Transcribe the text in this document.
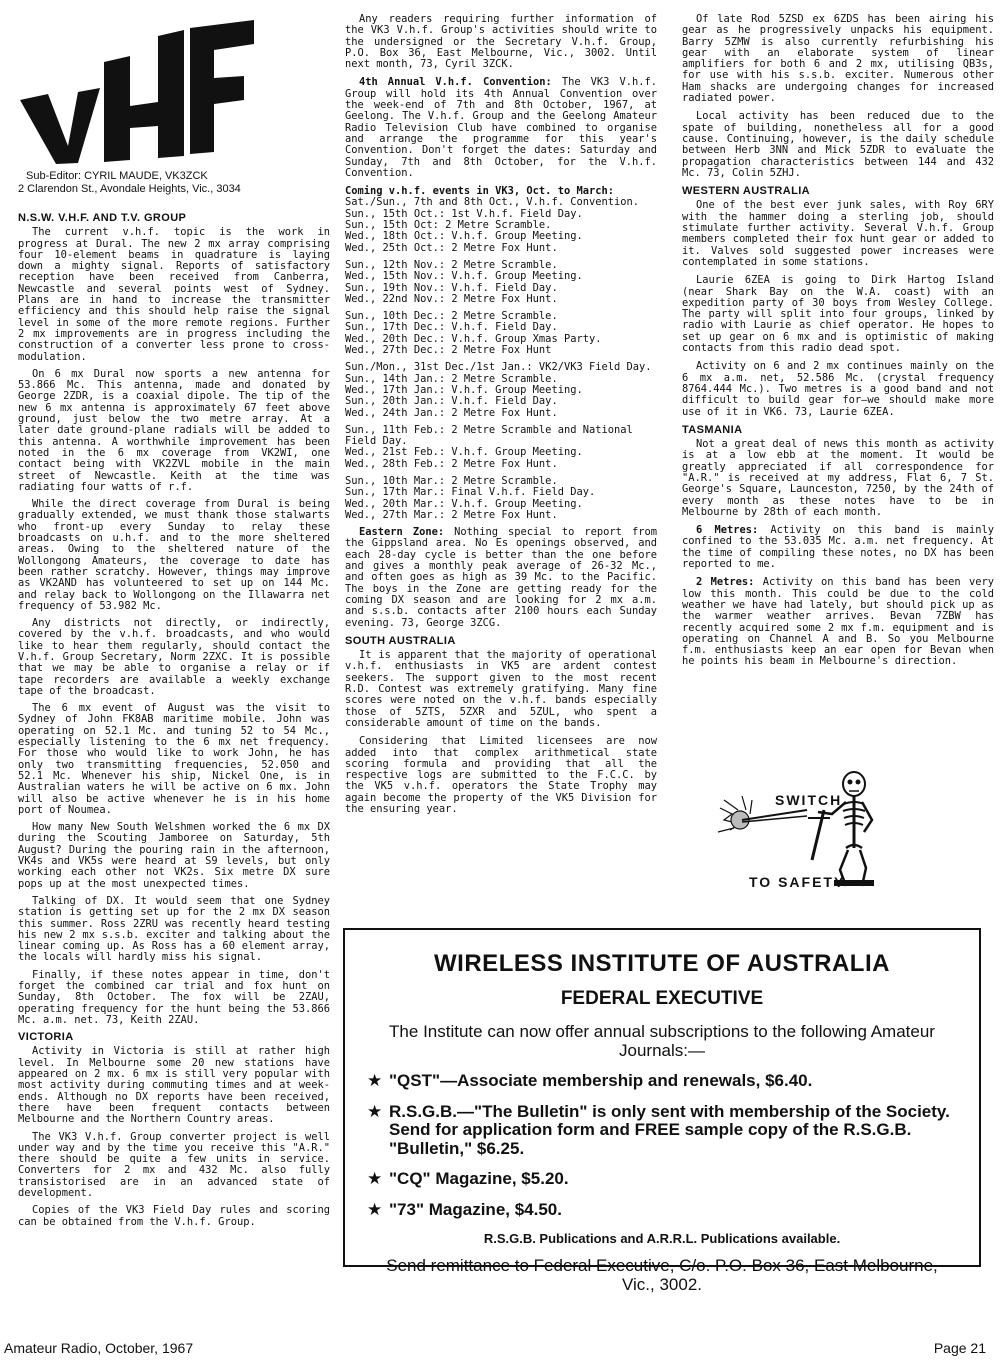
Sub-Editor: CYRIL MAUDE, VK3ZCK
2 Clarendon St., Avondale Heights, Vic., 3034
N.S.W. V.H.F. AND T.V. GROUP

The current v.h.f. topic is the work in progress at Dural. The new 2 mx array comprising four 10-element beams in quadrature is laying down a mighty signal. Reports of satisfactory reception have been received from Canberra, Newcastle and several points west of Sydney. Plans are in hand to increase the transmitter efficiency and this should help raise the signal level in some of the more remote regions. Further 2 mx improvements are in progress including the construction of a converter less prone to cross-modulation.

On 6 mx Dural now sports a new antenna for 53.866 Mc. This antenna, made and donated by George 2ZDR, is a coaxial dipole. The tip of the new 6 mx antenna is approximately 67 feet above ground, just below the two metre array. At a later date ground-plane radials will be added to this antenna. A worthwhile improvement has been noted in the 6 mx coverage from VK2WI, one contact being with VK2ZVL mobile in the main street of Newcastle. Keith at the time was radiating four watts of r.f.

While the direct coverage from Dural is being gradually extended, we must thank those stalwarts who front-up every Sunday to relay these broadcasts on u.h.f. and to the more sheltered areas. Owing to the sheltered nature of the Wollongong Amateurs, the coverage to date has been rather scratchy. However, things may improve as VK2AND has volunteered to set up on 144 Mc. and relay back to Wollongong on the Illawarra net frequency of 53.982 Mc.

Any districts not directly, or indirectly, covered by the v.h.f. broadcasts, and who would like to hear them regularly, should contact the V.h.f. Group Secretary, Norm 2ZXC. It is possible that we may be able to organise a relay or if tape recorders are available a weekly exchange tape of the broadcast.

The 6 mx event of August was the visit to Sydney of John FK8AB maritime mobile. John was operating on 52.1 Mc. and tuning 52 to 54 Mc., especially listening to the 6 mx net frequency. For those who would like to work John, he has only two transmitting frequencies, 52.050 and 52.1 Mc. Whenever his ship, Nickel One, is in Australian waters he will be active on 6 mx. John will also be active whenever he is in his home port of Noumea.

How many New South Welshmen worked the 6 mx DX during the Scouting Jamboree on Saturday, 5th August? During the pouring rain in the afternoon, VK4s and VK5s were heard at S9 levels, but only working each other not VK2s. Six metre DX sure pops up at the most unexpected times.

Talking of DX. It would seem that one Sydney station is getting set up for the 2 mx DX season this summer. Ross 2ZRU was recently heard testing his new 2 mx s.s.b. exciter and talking about the linear coming up. As Ross has a 60 element array, the locals will hardly miss his signal.

Finally, if these notes appear in time, don't forget the combined car trial and fox hunt on Sunday, 8th October. The fox will be 2ZAU, operating frequency for the hunt being the 53.866 Mc. a.m. net. 73, Keith 2ZAU.

VICTORIA

Activity in Victoria is still at rather high level. In Melbourne some 20 new stations have appeared on 2 mx. 6 mx is still very popular with most activity during commuting times and at week-ends. Although no DX reports have been received, there have been frequent contacts between Melbourne and the Northern Country areas.

The VK3 V.h.f. Group converter project is well under way and by the time you receive this "A.R." there should be quite a few units in service. Converters for 2 mx and 432 Mc. also fully transistorised are in an advanced state of development.

Copies of the VK3 Field Day rules and scoring can be obtained from the V.h.f. Group.

Any readers requiring further information of the VK3 V.h.f. Group's activities should write to the undersigned or the Secretary V.h.f. Group, P.O. Box 36, East Melbourne, Vic., 3002. Until next month, 73, Cyril 3ZCK.

4th Annual V.h.f. Convention: The VK3 V.h.f. Group will hold its 4th Annual Convention over the week-end of 7th and 8th October, 1967, at Geelong. The V.h.f. Group and the Geelong Amateur Radio Television Club have combined to organise and arrange the programme for this year's Convention. Don't forget the dates: Saturday and Sunday, 7th and 8th October, for the V.h.f. Convention.

Coming v.h.f. events in VK3, Oct. to March:
Sat./Sun., 7th and 8th Oct., V.h.f. Convention.
Sun., 15th Oct.: 1st V.h.f. Field Day.
Sun., 15th Oct: 2 Metre Scramble.
Wed., 18th Oct.: V.h.f. Group Meeting.
Wed., 25th Oct.: 2 Metre Fox Hunt.
Sun., 12th Nov.: 2 Metre Scramble.
Wed., 15th Nov.: V.h.f. Group Meeting.
Sun., 19th Nov.: V.h.f. Field Day.
Wed., 22nd Nov.: 2 Metre Fox Hunt.
Sun., 10th Dec.: 2 Metre Scramble.
Sun., 17th Dec.: V.h.f. Field Day.
Wed., 20th Dec.: V.h.f. Group Xmas Party.
Wed., 27th Dec.: 2 Metre Fox Hunt
Sun./Mon., 31st Dec./1st Jan.: VK2/VK3 Field Day.
Sun., 14th Jan.: 2 Metre Scramble.
Wed., 17th Jan.: V.h.f. Group Meeting.
Sun., 20th Jan.: V.h.f. Field Day.
Wed., 24th Jan.: 2 Metre Fox Hunt.
Sun., 11th Feb.: 2 Metre Scramble and National Field Day.
Wed., 21st Feb.: V.h.f. Group Meeting.
Wed., 28th Feb.: 2 Metre Fox Hunt.
Sun., 10th Mar.: 2 Metre Scramble.
Sun., 17th Mar.: Final V.h.f. Field Day.
Wed., 20th Mar.: V.h.f. Group Meeting.
Wed., 27th Mar.: 2 Metre Fox Hunt.

Eastern Zone: Nothing special to report from the Gippsland area. No Es openings observed, and each 28-day cycle is better than the one before and gives a monthly peak average of 26-32 Mc., and often goes as high as 39 Mc. to the Pacific. The boys in the Zone are getting ready for the coming DX season and are looking for 2 mx a.m. and s.s.b. contacts after 2100 hours each Sunday evening. 73, George 3ZCG.

SOUTH AUSTRALIA

It is apparent that the majority of operational v.h.f. enthusiasts in VK5 are ardent contest seekers. The support given to the most recent R.D. Contest was extremely gratifying. Many fine scores were noted on the v.h.f. bands especially those of 5ZTS, 5ZXR and 5ZUL, who spent a considerable amount of time on the bands.

Considering that Limited licensees are now added into that complex arithmetical state scoring formula and providing that all the respective logs are submitted to the F.C.C. by the VK5 v.h.f. operators the State Trophy may again become the property of the VK5 Division for the ensuring year.

Of late Rod 5ZSD ex 6ZDS has been airing his gear as he progressively unpacks his equipment. Barry 5ZMW is also currently refurbishing his gear with an elaborate system of linear amplifiers for both 6 and 2 mx, utilising QB3s, for use with his s.s.b. exciter. Numerous other Ham shacks are undergoing changes for increased radiated power.

Local activity has been reduced due to the spate of building, nonetheless all for a good cause. Continuing, however, is the daily schedule between Herb 3NN and Mick 5ZDR to evaluate the propagation characteristics between 144 and 432 Mc. 73, Colin 5ZHJ.

WESTERN AUSTRALIA

One of the best ever junk sales, with Roy 6RY with the hammer doing a sterling job, should stimulate further activity. Several V.h.f. Group members completed their fox hunt gear or added to it. Valves sold suggested power increases were contemplated in some stations.

Laurie 6ZEA is going to Dirk Hartog Island (near Shark Bay on the W.A. coast) with an expedition party of 30 boys from Wesley College. The party will split into four groups, linked by radio with Laurie as chief operator. He hopes to set up gear on 6 mx and is optimistic of making contacts from this radio dead spot.

Activity on 6 and 2 mx continues mainly on the 6 mx a.m. net, 52.586 Mc. (crystal frequency 8764.444 Mc.). Two metres is a good band and not difficult to build gear for—we should make more use of it in VK6. 73, Laurie 6ZEA.

TASMANIA

Not a great deal of news this month as activity is at a low ebb at the moment. It would be greatly appreciated if all correspondence for "A.R." is received at my address, Flat 6, 7 St. George's Square, Launceston, 7250, by the 24th of every month as these notes have to be in Melbourne by 28th of each month.

6 Metres: Activity on this band is mainly confined to the 53.035 Mc. a.m. net frequency. At the time of compiling these notes, no DX has been reported to me.

2 Metres: Activity on this band has been very low this month. This could be due to the cold weather we have had lately, but should pick up as the warmer weather arrives. Bevan 7ZBW has recently acquired some 2 mx f.m. equipment and is operating on Channel A and B. So you Melbourne f.m. enthusiasts keep an ear open for Bevan when he points his beam in Melbourne's direction.

SWITCH
TO SAFETY
WIRELESS INSTITUTE OF AUSTRALIA
FEDERAL EXECUTIVE
The Institute can now offer annual subscriptions to the following Amateur Journals:—
★ "QST"—Associate membership and renewals, $6.40.
★ R.S.G.B.—"The Bulletin" is only sent with membership of the Society. Send for application form and FREE sample copy of the R.S.G.B. "Bulletin," $6.25.
★ "CQ" Magazine, $5.20.
★ "73" Magazine, $4.50.
R.S.G.B. Publications and A.R.R.L. Publications available.
Send remittance to Federal Executive, C/o. P.O. Box 36, East Melbourne, Vic., 3002.
Amateur Radio, October, 1967	Page 21
